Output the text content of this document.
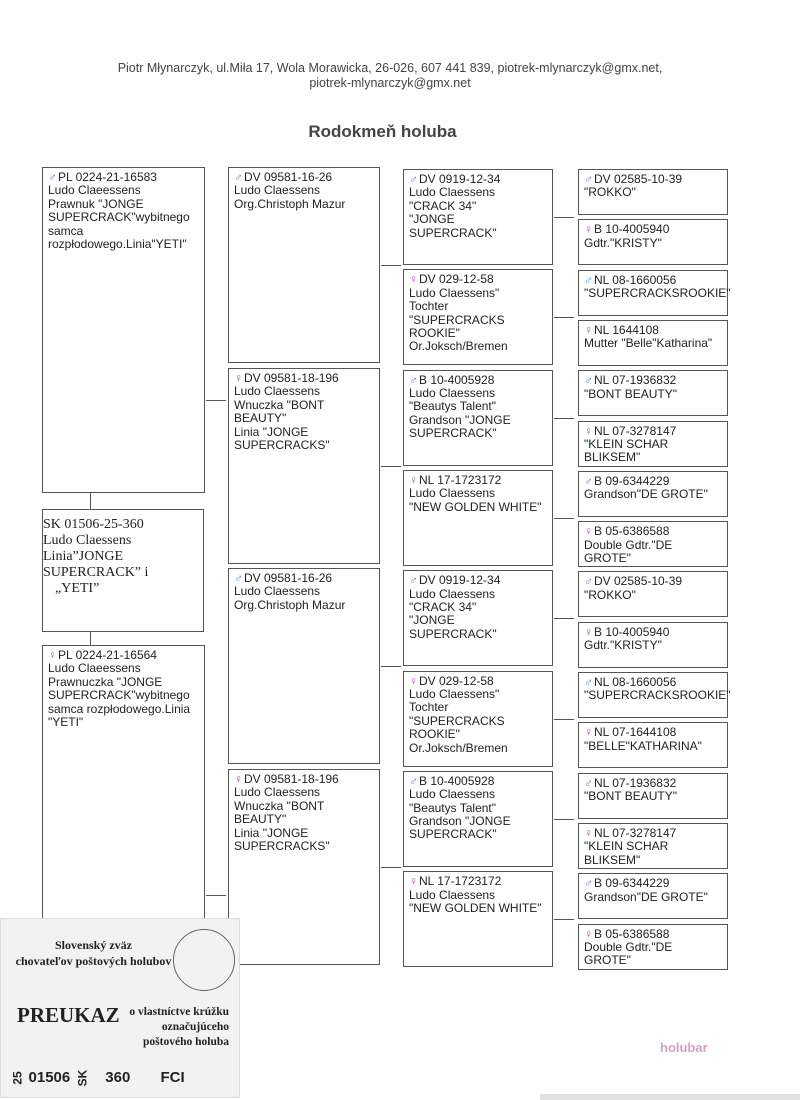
Piotr Młynarczyk, ul.Miła 17, Wola Morawicka, 26-026, 607 441 839, piotrek-mlynarczyk@gmx.net,
piotrek-mlynarczyk@gmx.net
Rodokmeň holuba
♂PL 0224-21-16583
Ludo Claeessens
Prawnuk "JONGE
SUPERCRACK"wybitnego
samca
rozpłodowego.Linia"YETI"
♀PL 0224-21-16564
Ludo Claeessens
Prawnuczka "JONGE
SUPERCRACK"wybitnego
samca rozpłodowego.Linia
"YETI"
♂DV 09581-16-26
Ludo Claessens
Org.Christoph Mazur
♀DV 09581-18-196
Ludo Claessens
Wnuczka "BONT
BEAUTY"
Linia "JONGE
SUPERCRACKS"
♂DV 09581-16-26
Ludo Claessens
Org.Christoph Mazur
♀DV 09581-18-196
Ludo Claessens
Wnuczka "BONT
BEAUTY"
Linia "JONGE
SUPERCRACKS"
♂DV 0919-12-34
Ludo Claessens
"CRACK 34"
"JONGE
SUPERCRACK"
♀DV 029-12-58
Ludo Claessens"
Tochter
"SUPERCRACKS
ROOKIE"
Or.Joksch/Bremen
♂B 10-4005928
Ludo Claessens
"Beautys Talent"
Grandson "JONGE
SUPERCRACK"
♀NL 17-1723172
Ludo Claessens
"NEW GOLDEN WHITE"
♂DV 0919-12-34
Ludo Claessens
"CRACK 34"
"JONGE
SUPERCRACK"
♀DV 029-12-58
Ludo Claessens"
Tochter
"SUPERCRACKS
ROOKIE"
Or.Joksch/Bremen
♂B 10-4005928
Ludo Claessens
"Beautys Talent"
Grandson "JONGE
SUPERCRACK"
♀NL 17-1723172
Ludo Claessens
"NEW GOLDEN WHITE"
♂DV 02585-10-39
"ROKKO"
♀B 10-4005940
Gdtr."KRISTY"
♂NL 08-1660056
"SUPERCRACKSROOKIE"
♀NL 1644108
Mutter "Belle"Katharina"
♂NL 07-1936832
"BONT BEAUTY"
♀NL 07-3278147
"KLEIN SCHAR
BLIKSEM"
♂B 09-6344229
Grandson"DE GROTE"
♀B 05-6386588
Double Gdtr."DE
GROTE"
♂DV 02585-10-39
"ROKKO"
♀B 10-4005940
Gdtr."KRISTY"
♂NL 08-1660056
"SUPERCRACKSROOKIE"
♀NL 07-1644108
"BELLE"KATHARINA"
♂NL 07-1936832
"BONT BEAUTY"
♀NL 07-3278147
"KLEIN SCHAR
BLIKSEM"
♂B 09-6344229
Grandson"DE GROTE"
♀B 05-6386588
Double Gdtr."DE
GROTE"
SK 01506-25-360
Ludo Claessens
Linia”JONGE
SUPERCRACK” i
„YETI”
Slovenský zväz
chovateľov poštových holubov
PREUKAZ o vlastníctve krúžku
označujúceho
poštového holuba
25 01506 SK 360 FCI
holubar
